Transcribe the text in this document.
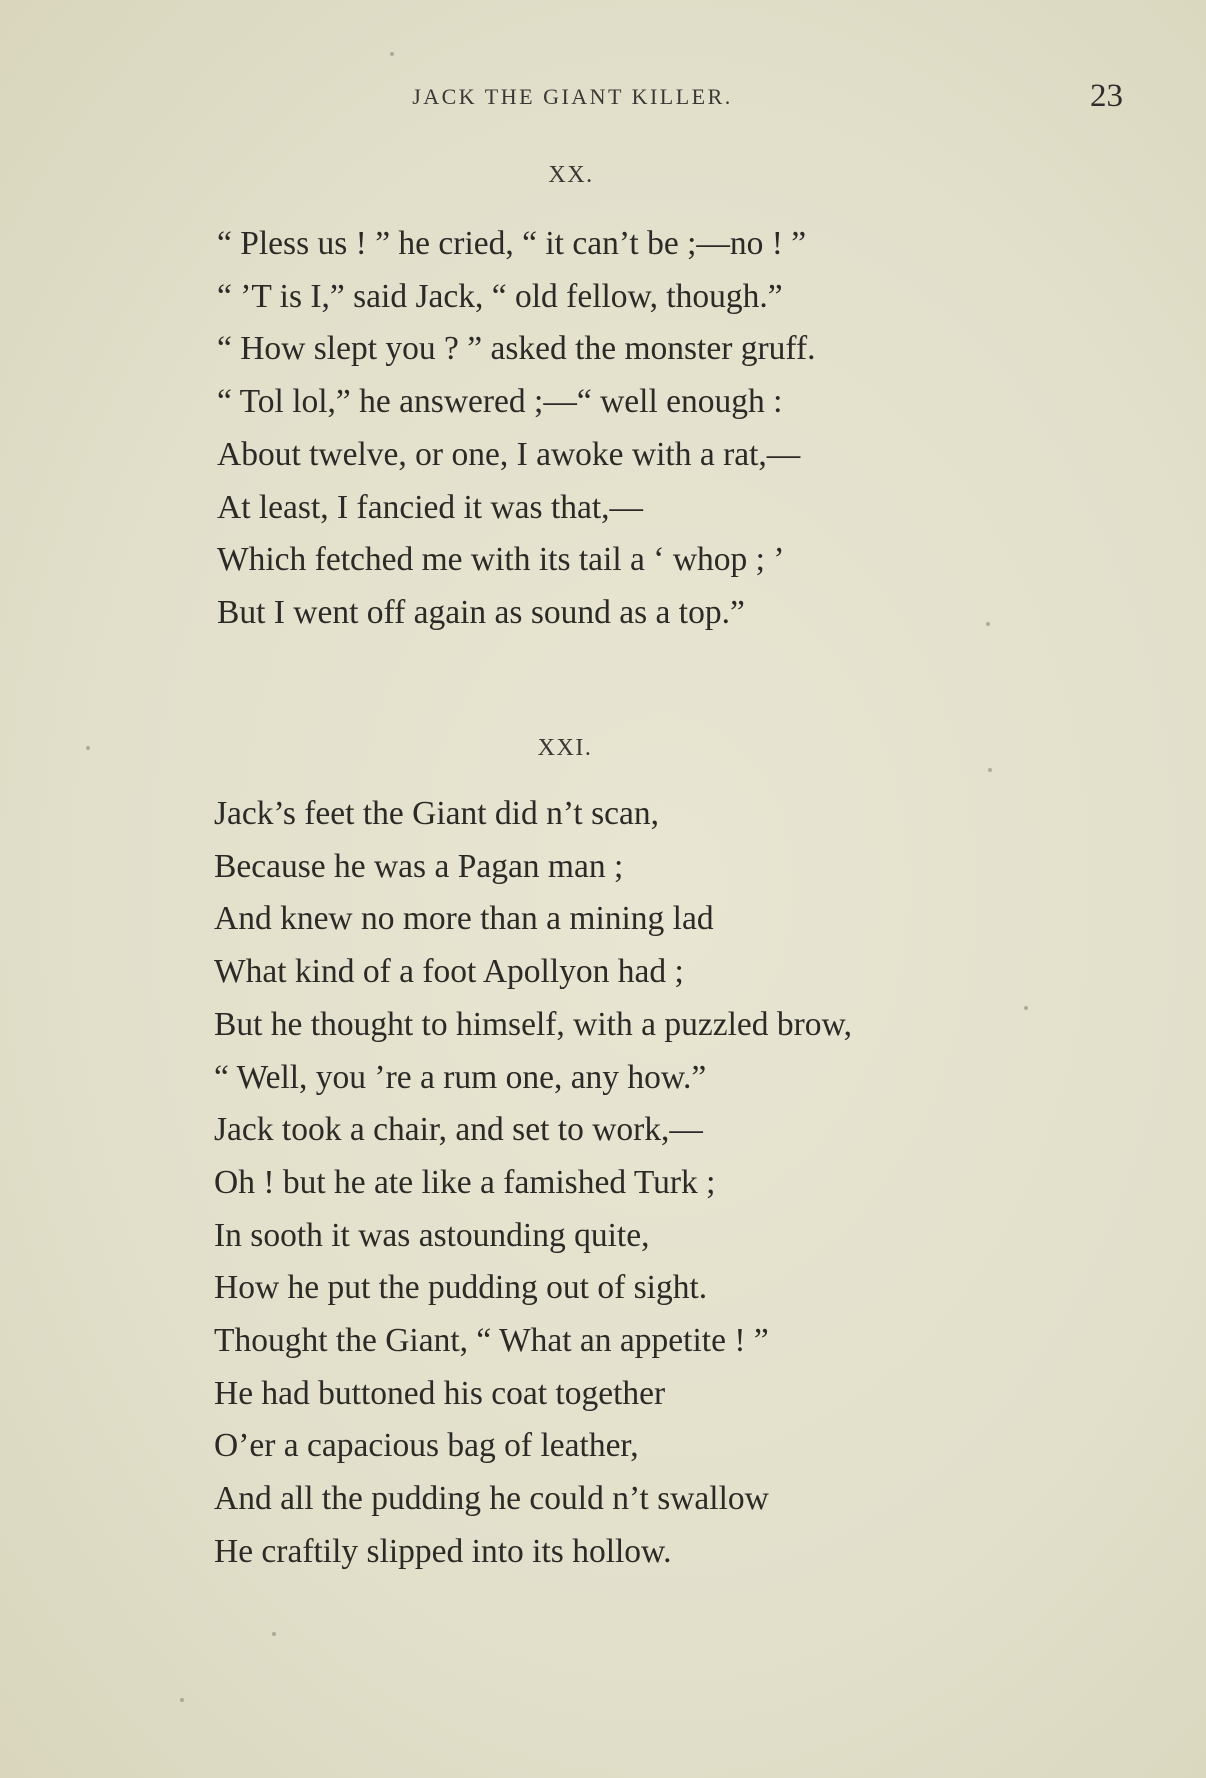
JACK THE GIANT KILLER.	23
XX.
“ Pless us ! ” he cried, “ it can’t be ;—no ! ”
“ ’T is I,” said Jack, “ old fellow, though.”
“ How slept you ? ” asked the monster gruff.
“ Tol lol,” he answered ;—“ well enough :
About twelve, or one, I awoke with a rat,—
At least, I fancied it was that,—
Which fetched me with its tail a ‘ whop ; ’
But I went off again as sound as a top.”
XXI.
Jack’s feet the Giant did n’t scan,
Because he was a Pagan man ;
And knew no more than a mining lad
What kind of a foot Apollyon had ;
But he thought to himself, with a puzzled brow,
“ Well, you ’re a rum one, any how.”
Jack took a chair, and set to work,—
Oh ! but he ate like a famished Turk ;
In sooth it was astounding quite,
How he put the pudding out of sight.
Thought the Giant, “ What an appetite ! ”
He had buttoned his coat together
O’er a capacious bag of leather,
And all the pudding he could n’t swallow
He craftily slipped into its hollow.
